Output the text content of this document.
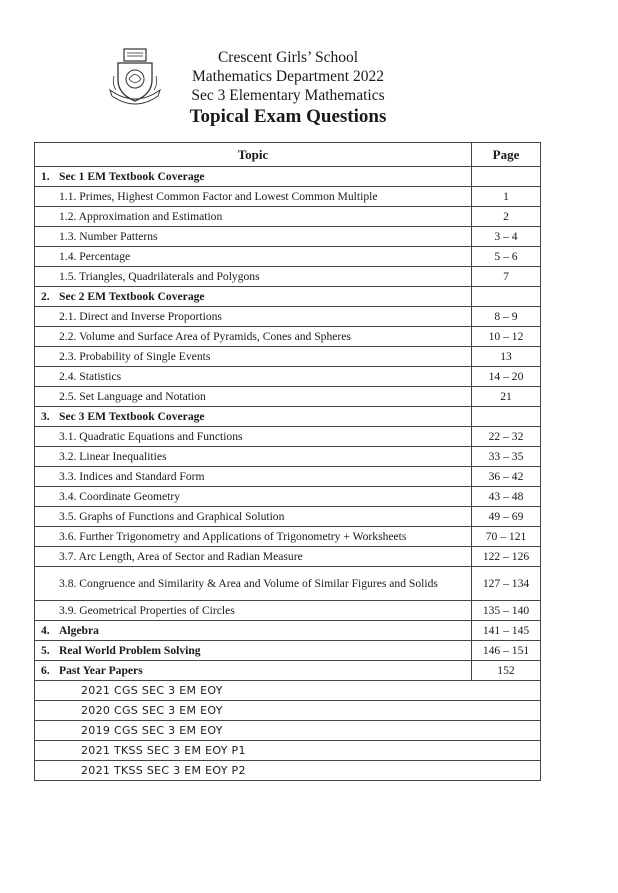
Crescent Girls’ School
Mathematics Department 2022
Sec 3 Elementary Mathematics
Topical Exam Questions
Topic	Page
1. Sec 1 EM Textbook Coverage	
1.1. Primes, Highest Common Factor and Lowest Common Multiple	1
1.2. Approximation and Estimation	2
1.3. Number Patterns	3 – 4
1.4. Percentage	5 – 6
1.5. Triangles, Quadrilaterals and Polygons	7
2. Sec 2 EM Textbook Coverage	
2.1. Direct and Inverse Proportions	8 – 9
2.2. Volume and Surface Area of Pyramids, Cones and Spheres	10 – 12
2.3. Probability of Single Events	13
2.4. Statistics	14 – 20
2.5. Set Language and Notation	21
3. Sec 3 EM Textbook Coverage	
3.1. Quadratic Equations and Functions	22 – 32
3.2. Linear Inequalities	33 – 35
3.3. Indices and Standard Form	36 – 42
3.4. Coordinate Geometry	43 – 48
3.5. Graphs of Functions and Graphical Solution	49 – 69
3.6. Further Trigonometry and Applications of Trigonometry + Worksheets	70 – 121
3.7. Arc Length, Area of Sector and Radian Measure	122 – 126
3.8. Congruence and Similarity & Area and Volume of Similar Figures and Solids	127 – 134
3.9. Geometrical Properties of Circles	135 – 140
4. Algebra	141 – 145
5. Real World Problem Solving	146 – 151
6. Past Year Papers	152
2021 CGS SEC 3 EM EOY	
2020 CGS SEC 3 EM EOY	
2019 CGS SEC 3 EM EOY	
2021 TKSS SEC 3 EM EOY P1	
2021 TKSS SEC 3 EM EOY P2	
